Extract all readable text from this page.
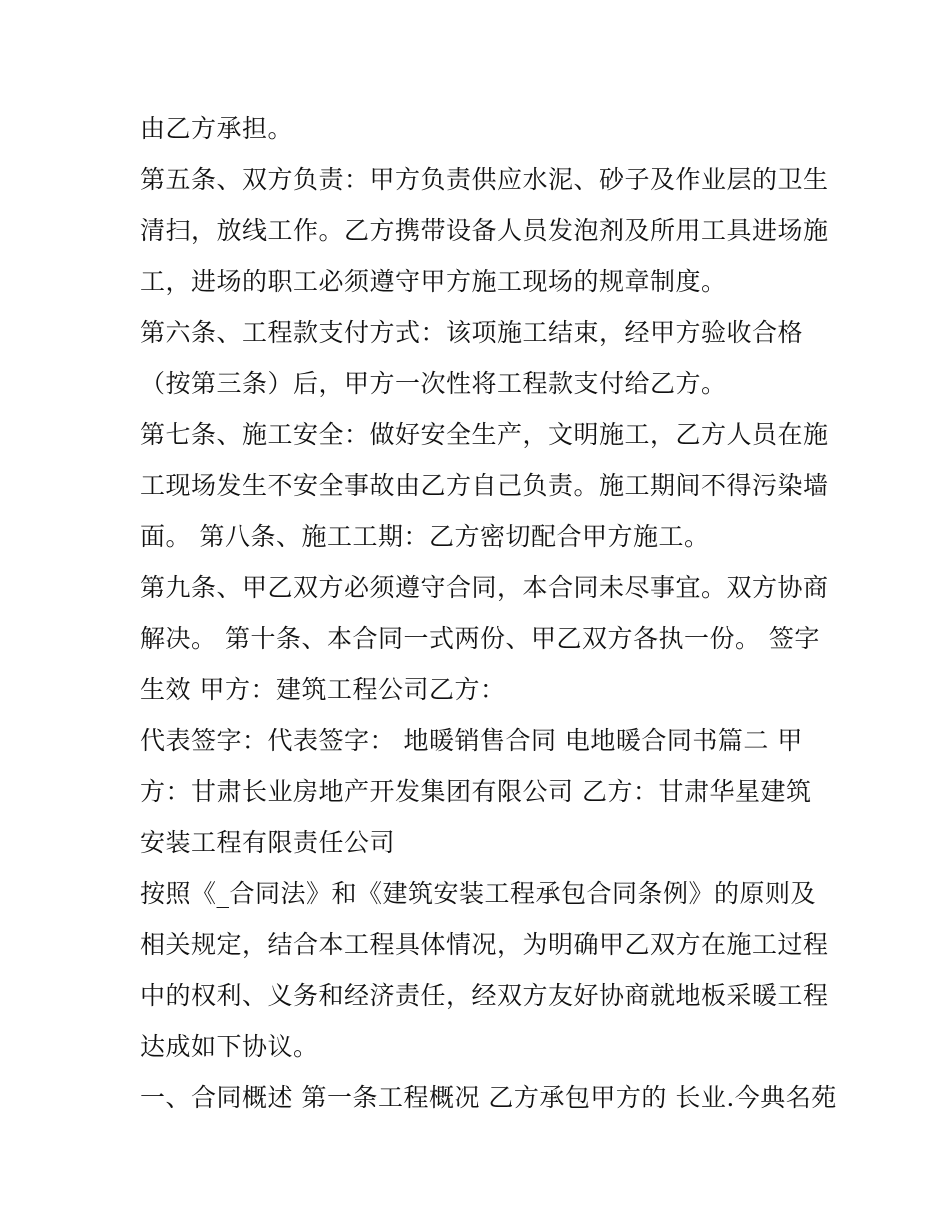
由乙方承担。
第五条、双方负责：甲方负责供应水泥、砂子及作业层的卫生
清扫，放线工作。乙方携带设备人员发泡剂及所用工具进场施
工，进场的职工必须遵守甲方施工现场的规章制度。
第六条、工程款支付方式：该项施工结束，经甲方验收合格
（按第三条）后，甲方一次性将工程款支付给乙方。
第七条、施工安全：做好安全生产，文明施工，乙方人员在施
工现场发生不安全事故由乙方自己负责。施工期间不得污染墙
面。 第八条、施工工期：乙方密切配合甲方施工。
第九条、甲乙双方必须遵守合同，本合同未尽事宜。双方协商
解决。 第十条、本合同一式两份、甲乙双方各执一份。 签字
生效 甲方：建筑工程公司乙方：
代表签字：代表签字： 地暖销售合同 电地暖合同书篇二 甲
方：甘肃长业房地产开发集团有限公司 乙方：甘肃华星建筑
安装工程有限责任公司
按照《_合同法》和《建筑安装工程承包合同条例》的原则及
相关规定，结合本工程具体情况，为明确甲乙双方在施工过程
中的权利、义务和经济责任，经双方友好协商就地板采暖工程
达成如下协议。
一、合同概述 第一条工程概况 乙方承包甲方的 长业.今典名苑
